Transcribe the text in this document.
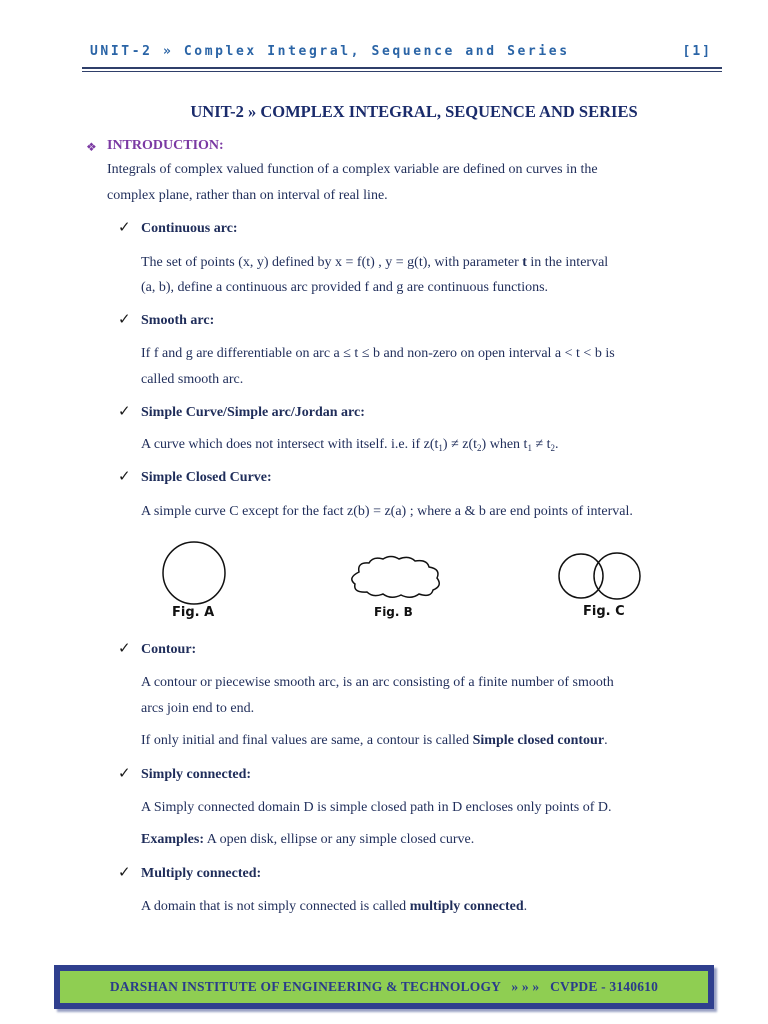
UNIT-2 » Complex Integral, Sequence and Series	[1]
UNIT-2 » COMPLEX INTEGRAL, SEQUENCE AND SERIES
❖ INTRODUCTION:
Integrals of complex valued function of a complex variable are defined on curves in the
complex plane, rather than on interval of real line.
✓ Continuous arc:
The set of points (x, y) defined by x = f(t) , y = g(t), with parameter t in the interval
(a, b), define a continuous arc provided f and g are continuous functions.
✓ Smooth arc:
If f and g are differentiable on arc a ≤ t ≤ b and non-zero on open interval a < t < b is
called smooth arc.
✓ Simple Curve/Simple arc/Jordan arc:
A curve which does not intersect with itself. i.e. if $z(t_1) \ne z(t_2)$ when $t_1 \ne t_2$.
✓ Simple Closed Curve:
A simple curve C except for the fact z(b) = z(a) ; where a & b are end points of interval.
Fig. A	Fig. B	Fig. C
✓ Contour:
A contour or piecewise smooth arc, is an arc consisting of a finite number of smooth
arcs join end to end.
If only initial and final values are same, a contour is called Simple closed contour.
✓ Simply connected:
A Simply connected domain D is simple closed path in D encloses only points of D.
Examples: A open disk, ellipse or any simple closed curve.
✓ Multiply connected:
A domain that is not simply connected is called multiply connected.
DARSHAN INSTITUTE OF ENGINEERING & TECHNOLOGY   » » »   CVPDE - 3140610
